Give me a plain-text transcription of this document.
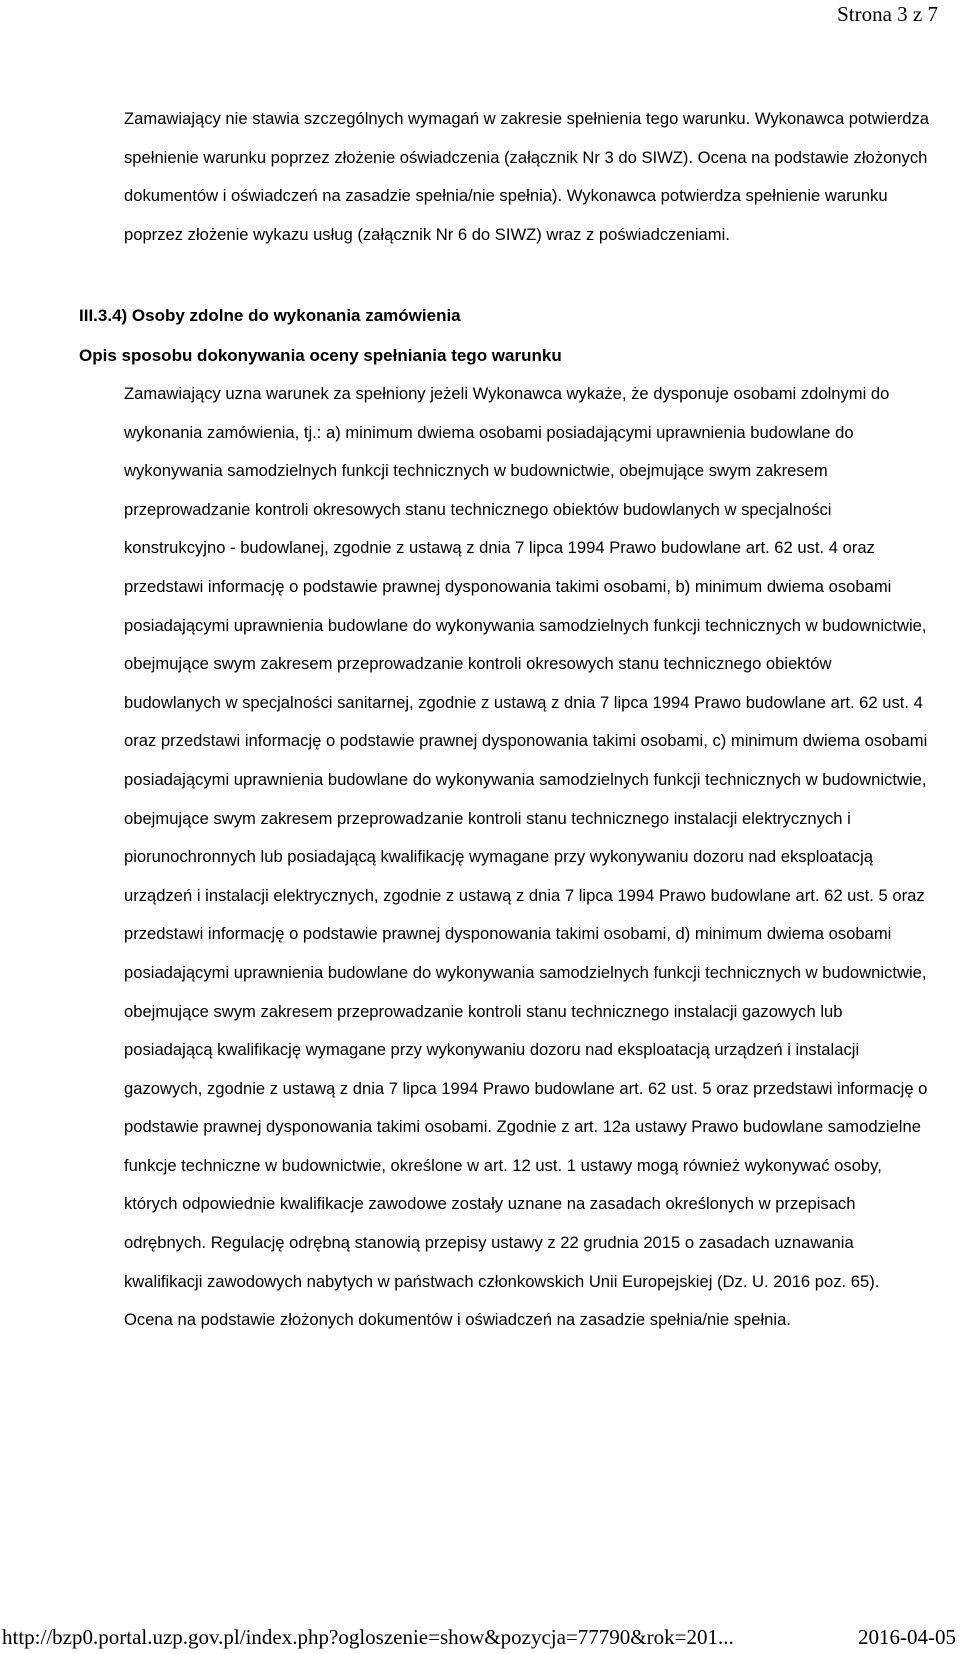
Strona 3 z 7
Zamawiający nie stawia szczególnych wymagań w zakresie spełnienia tego warunku. Wykonawca potwierdza spełnienie warunku poprzez złożenie oświadczenia (załącznik Nr 3 do SIWZ). Ocena na podstawie złożonych dokumentów i oświadczeń na zasadzie spełnia/nie spełnia). Wykonawca potwierdza spełnienie warunku poprzez złożenie wykazu usług (załącznik Nr 6 do SIWZ) wraz z poświadczeniami.
III.3.4) Osoby zdolne do wykonania zamówienia
Opis sposobu dokonywania oceny spełniania tego warunku
Zamawiający uzna warunek za spełniony jeżeli Wykonawca wykaże, że dysponuje osobami zdolnymi do wykonania zamówienia, tj.: a) minimum dwiema osobami posiadającymi uprawnienia budowlane do wykonywania samodzielnych funkcji technicznych w budownictwie, obejmujące swym zakresem przeprowadzanie kontroli okresowych stanu technicznego obiektów budowlanych w specjalności konstrukcyjno - budowlanej, zgodnie z ustawą z dnia 7 lipca 1994 Prawo budowlane art. 62 ust. 4 oraz przedstawi informację o podstawie prawnej dysponowania takimi osobami, b) minimum dwiema osobami posiadającymi uprawnienia budowlane do wykonywania samodzielnych funkcji technicznych w budownictwie, obejmujące swym zakresem przeprowadzanie kontroli okresowych stanu technicznego obiektów budowlanych w specjalności sanitarnej, zgodnie z ustawą z dnia 7 lipca 1994 Prawo budowlane art. 62 ust. 4 oraz przedstawi informację o podstawie prawnej dysponowania takimi osobami, c) minimum dwiema osobami posiadającymi uprawnienia budowlane do wykonywania samodzielnych funkcji technicznych w budownictwie, obejmujące swym zakresem przeprowadzanie kontroli stanu technicznego instalacji elektrycznych i piorunochronnych lub posiadającą kwalifikację wymagane przy wykonywaniu dozoru nad eksploatacją urządzeń i instalacji elektrycznych, zgodnie z ustawą z dnia 7 lipca 1994 Prawo budowlane art. 62 ust. 5 oraz przedstawi informację o podstawie prawnej dysponowania takimi osobami, d) minimum dwiema osobami posiadającymi uprawnienia budowlane do wykonywania samodzielnych funkcji technicznych w budownictwie, obejmujące swym zakresem przeprowadzanie kontroli stanu technicznego instalacji gazowych lub posiadającą kwalifikację wymagane przy wykonywaniu dozoru nad eksploatacją urządzeń i instalacji gazowych, zgodnie z ustawą z dnia 7 lipca 1994 Prawo budowlane art. 62 ust. 5 oraz przedstawi informację o podstawie prawnej dysponowania takimi osobami. Zgodnie z art. 12a ustawy Prawo budowlane samodzielne funkcje techniczne w budownictwie, określone w art. 12 ust. 1 ustawy mogą również wykonywać osoby, których odpowiednie kwalifikacje zawodowe zostały uznane na zasadach określonych w przepisach odrębnych. Regulację odrębną stanowią przepisy ustawy z 22 grudnia 2015 o zasadach uznawania kwalifikacji zawodowych nabytych w państwach członkowskich Unii Europejskiej (Dz. U. 2016 poz. 65). Ocena na podstawie złożonych dokumentów i oświadczeń na zasadzie spełnia/nie spełnia.
http://bzp0.portal.uzp.gov.pl/index.php?ogloszenie=show&pozycja=77790&rok=201...	2016-04-05
